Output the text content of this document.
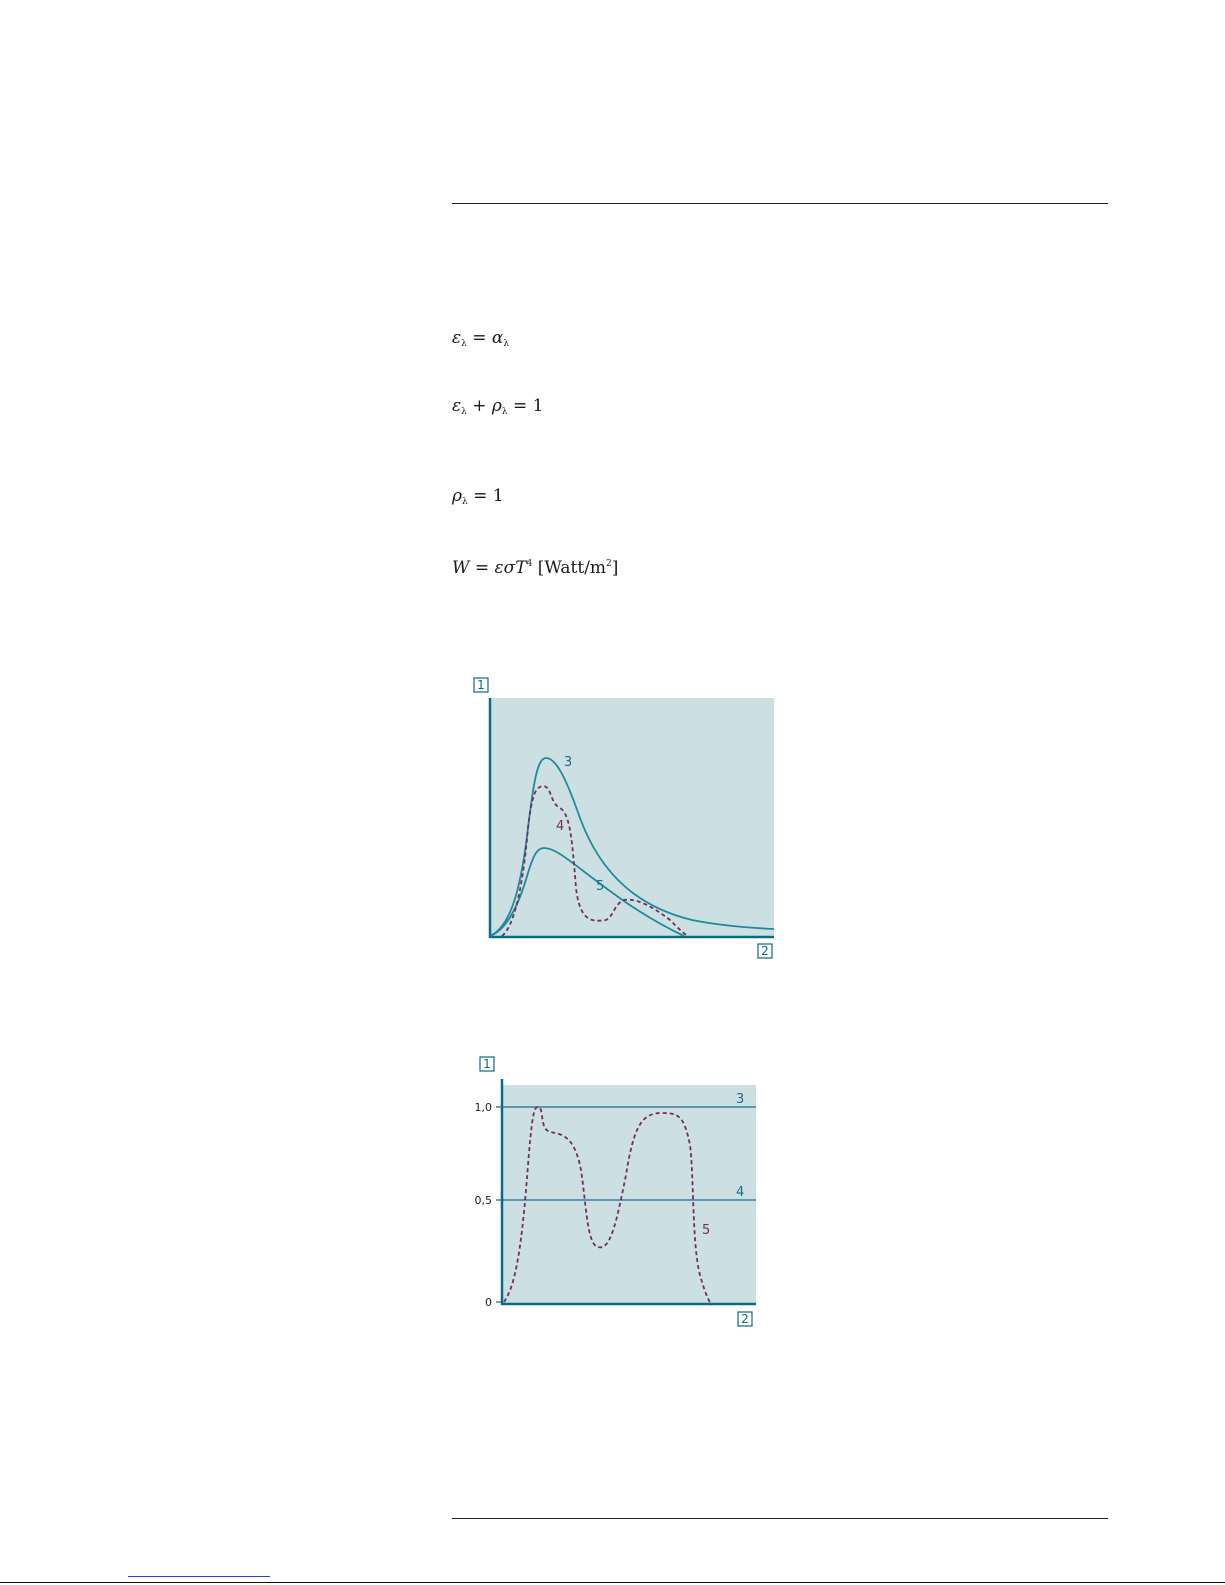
$\varepsilon_\lambda = \alpha_\lambda$
$\varepsilon_\lambda + \rho_\lambda = 1$
$\rho_\lambda = 1$
W = εσT$^4$ $[Watt/m^2]$
1
2
3
4
5
1,0
0,5
0
1
2
3
4
5
